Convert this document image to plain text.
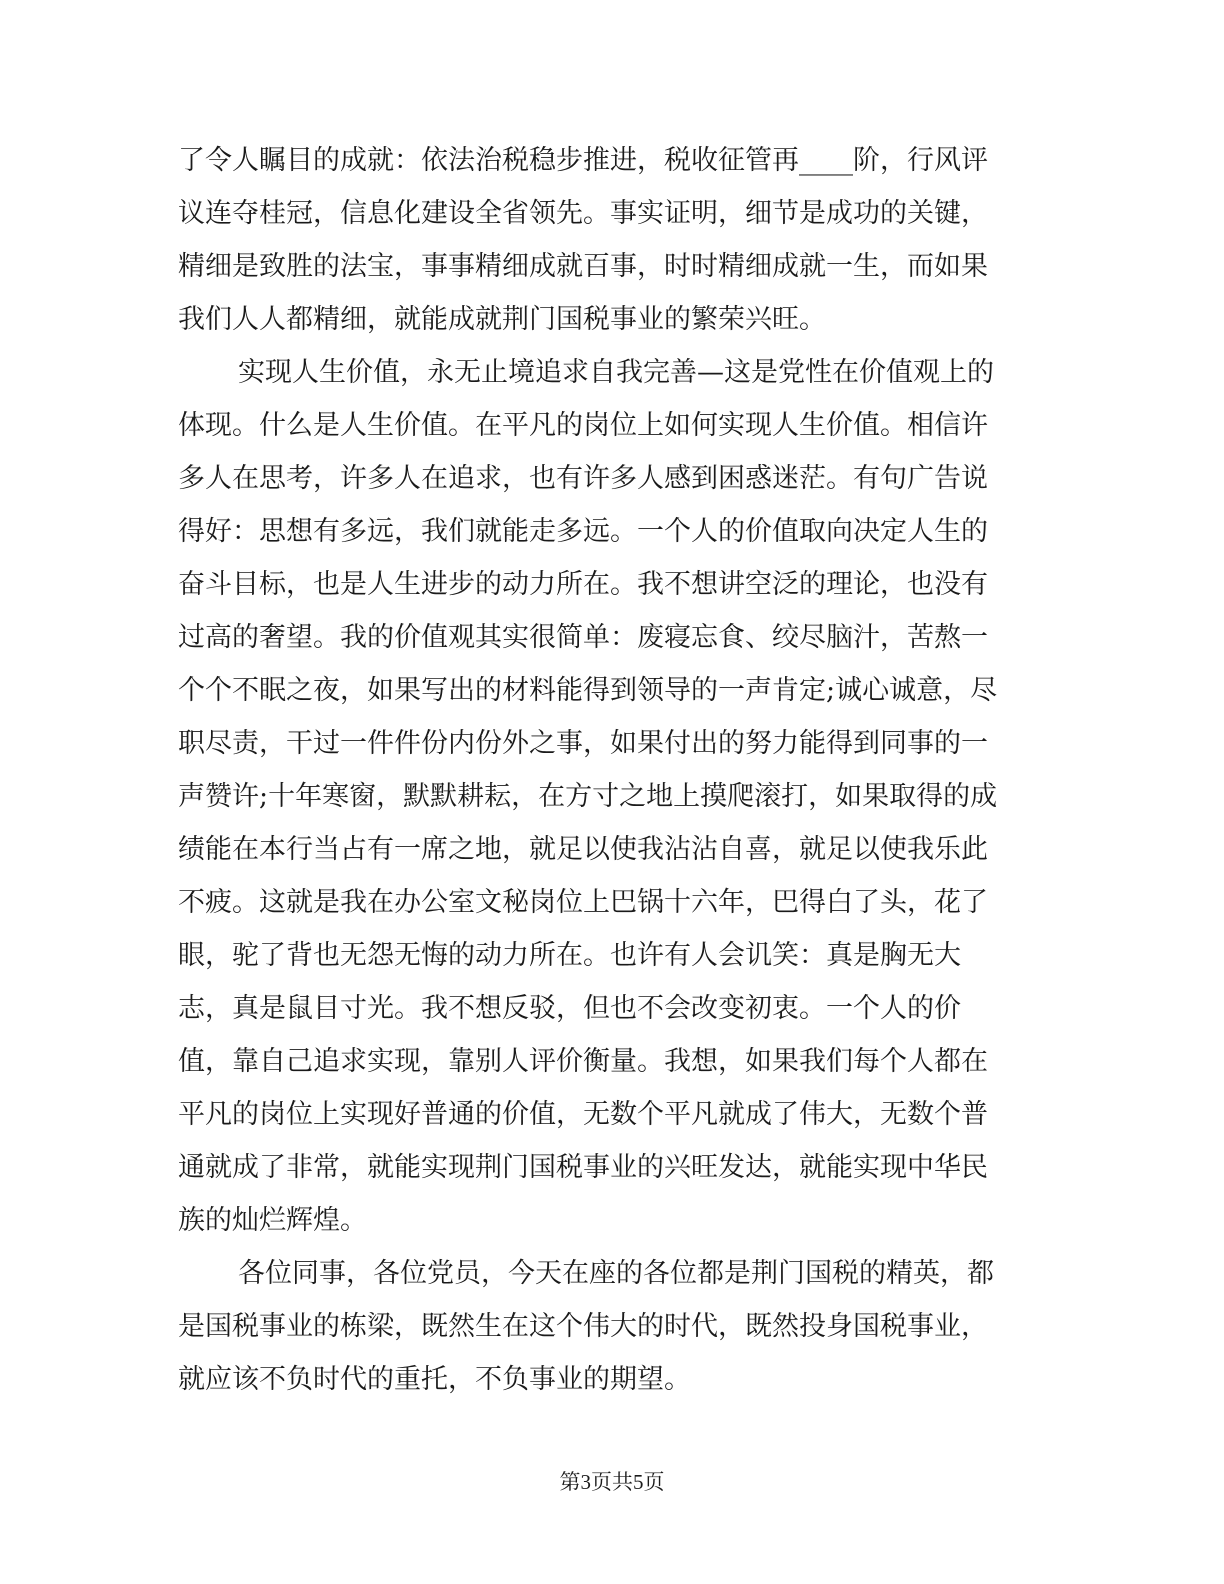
了令人瞩目的成就：依法治税稳步推进，税收征管再____阶，行风评
议连夺桂冠，信息化建设全省领先。事实证明，细节是成功的关键，
精细是致胜的法宝，事事精细成就百事，时时精细成就一生，而如果
我们人人都精细，就能成就荆门国税事业的繁荣兴旺。
实现人生价值，永无止境追求自我完善—这是党性在价值观上的
体现。什么是人生价值。在平凡的岗位上如何实现人生价值。相信许
多人在思考，许多人在追求，也有许多人感到困惑迷茫。有句广告说
得好：思想有多远，我们就能走多远。一个人的价值取向决定人生的
奋斗目标，也是人生进步的动力所在。我不想讲空泛的理论，也没有
过高的奢望。我的价值观其实很简单：废寝忘食、绞尽脑汁，苦熬一
个个不眠之夜，如果写出的材料能得到领导的一声肯定;诚心诚意，尽
职尽责，干过一件件份内份外之事，如果付出的努力能得到同事的一
声赞许;十年寒窗，默默耕耘，在方寸之地上摸爬滚打，如果取得的成
绩能在本行当占有一席之地，就足以使我沾沾自喜，就足以使我乐此
不疲。这就是我在办公室文秘岗位上巴锅十六年，巴得白了头，花了
眼，驼了背也无怨无悔的动力所在。也许有人会讥笑：真是胸无大
志，真是鼠目寸光。我不想反驳，但也不会改变初衷。一个人的价
值，靠自己追求实现，靠别人评价衡量。我想，如果我们每个人都在
平凡的岗位上实现好普通的价值，无数个平凡就成了伟大，无数个普
通就成了非常，就能实现荆门国税事业的兴旺发达，就能实现中华民
族的灿烂辉煌。
各位同事，各位党员，今天在座的各位都是荆门国税的精英，都
是国税事业的栋梁，既然生在这个伟大的时代，既然投身国税事业，
就应该不负时代的重托，不负事业的期望。
第3页共5页
